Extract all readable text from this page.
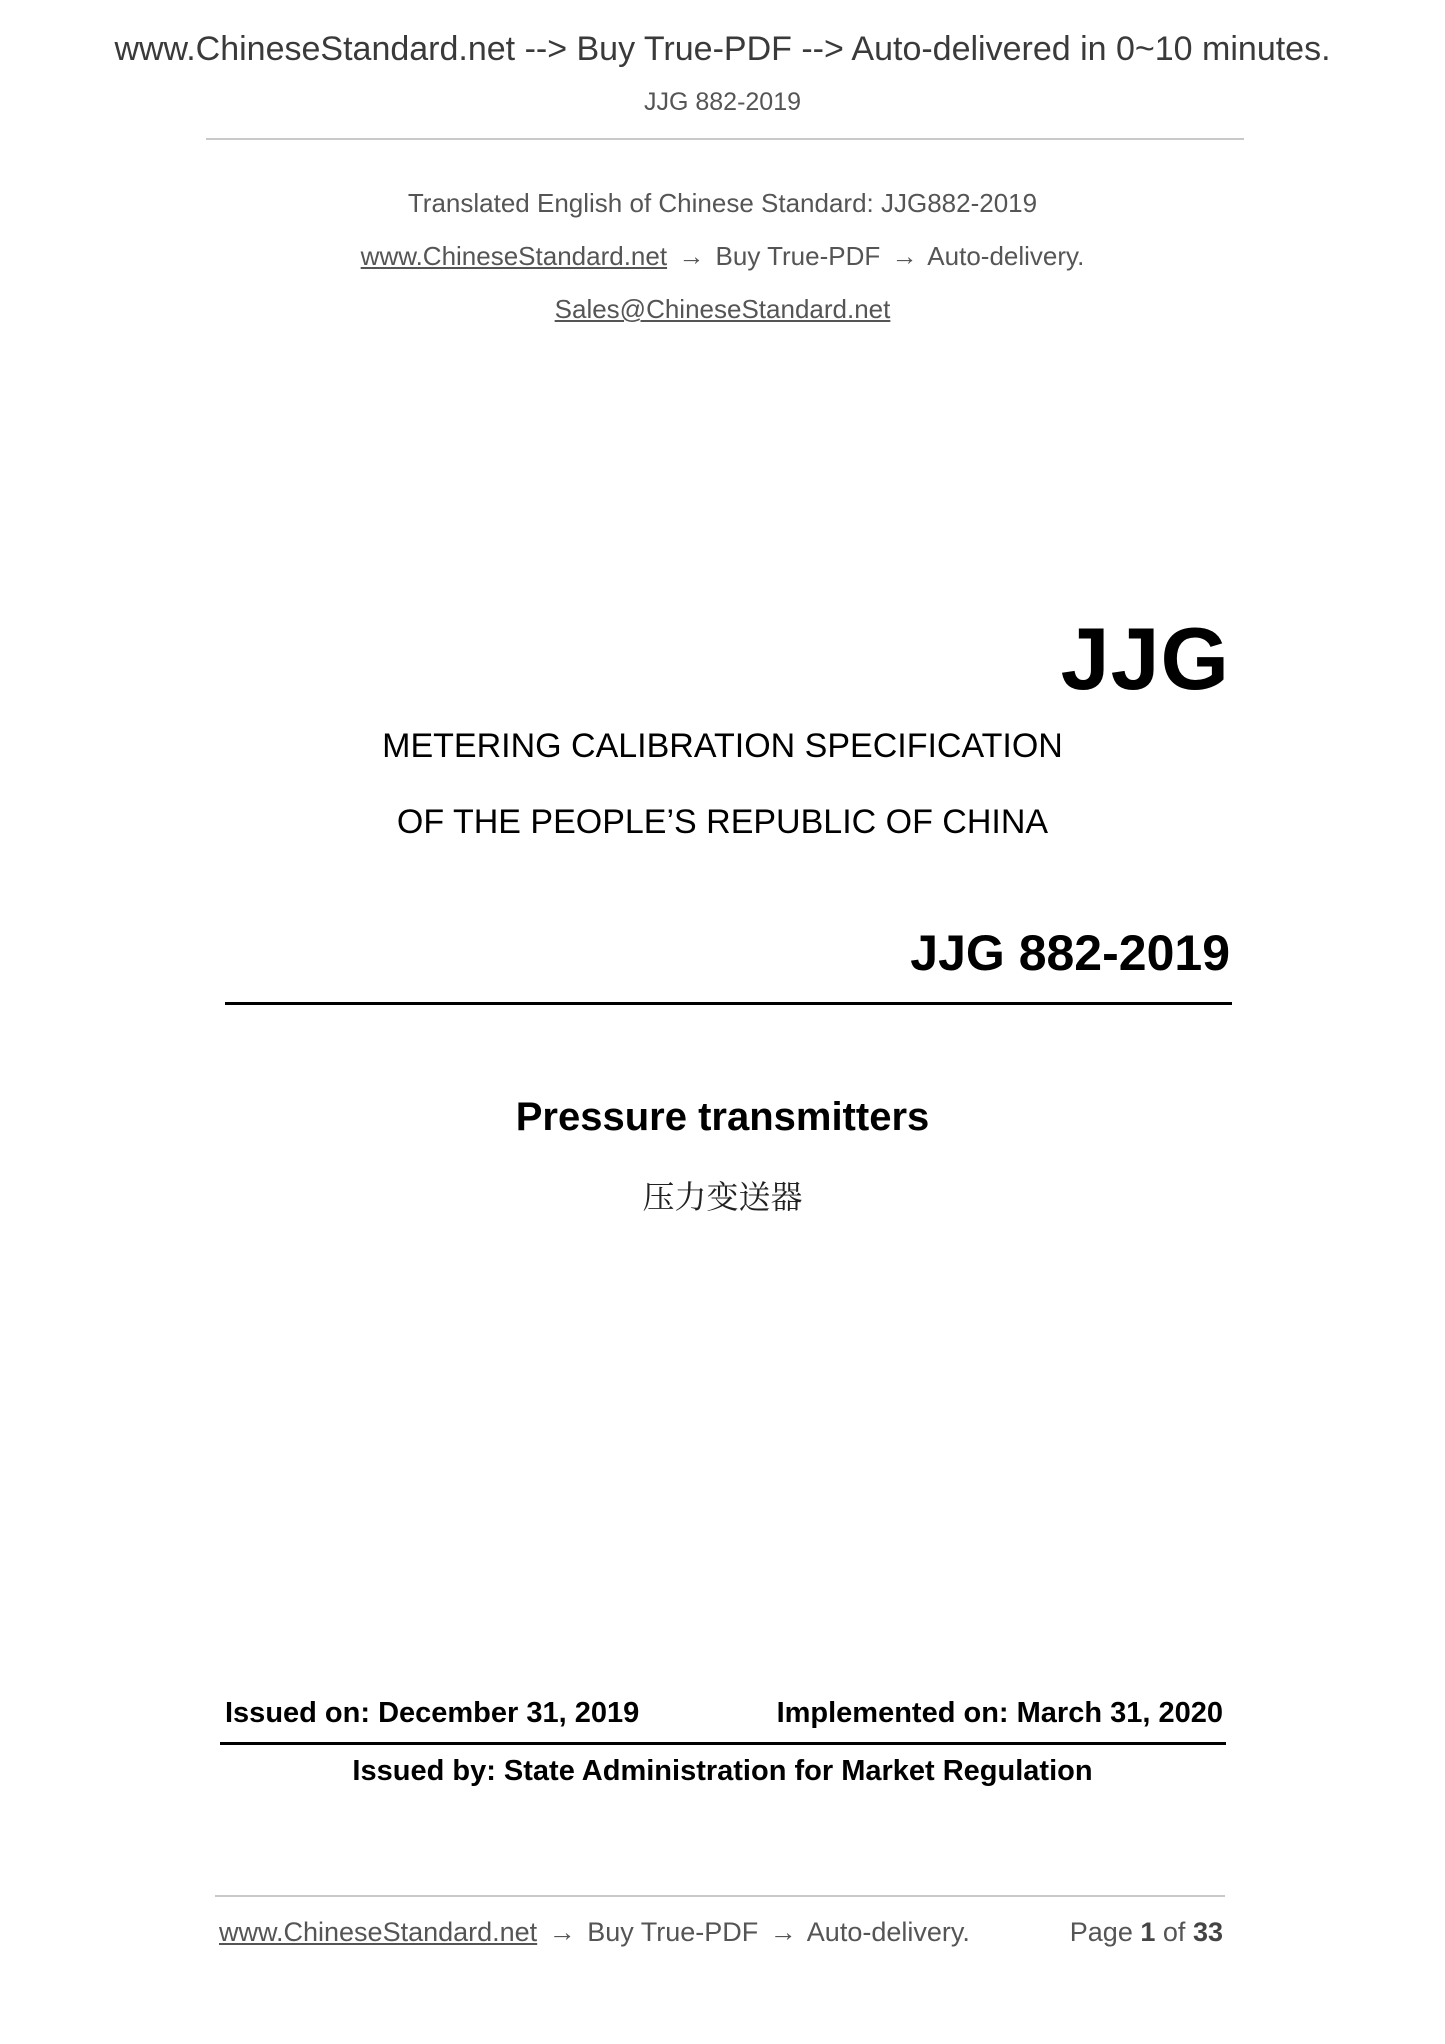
www.ChineseStandard.net --> Buy True-PDF --> Auto-delivered in 0~10 minutes.
JJG 882-2019
Translated English of Chinese Standard: JJG882-2019
www.ChineseStandard.net → Buy True-PDF → Auto-delivery.
Sales@ChineseStandard.net
JJG
METERING CALIBRATION SPECIFICATION
OF THE PEOPLE’S REPUBLIC OF CHINA
JJG 882-2019
Pressure transmitters
压力变送器
Issued on: December 31, 2019	Implemented on: March 31, 2020
Issued by: State Administration for Market Regulation
www.ChineseStandard.net → Buy True-PDF → Auto-delivery.	Page 1 of 33
